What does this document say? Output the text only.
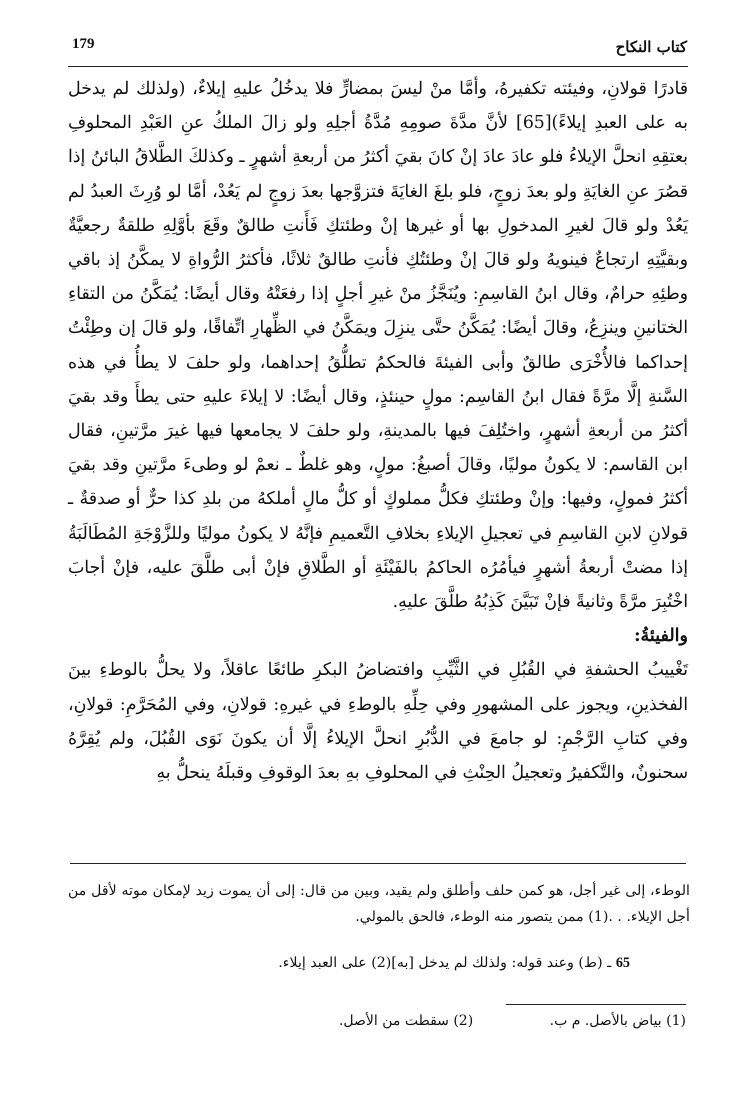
179	كتاب النكاح

قادرًا قولانِ، وفيئته تكفيرهُ، وأمَّا منْ ليسَ بمضارٍّ فلا يدخُلُ عليهِ إيلاءٌ، (ولذلك لم يدخل به على العبدِ إيلاءً)[65] لأنَّ مدَّةَ صومِهِ مُدَّةُ أجلِهِ ولو زالَ الملكُ عنِ العَبْدِ المحلوفِ بعتقِهِ انحلَّ الإيلاءُ فلو عادَ عادَ إنْ كانَ بقيَ أكثرُ من أربعةِ أشهرٍ ـ وكذلكَ الطَّلاقُ البائنُ إذا قصُرَ عنِ الغايَةِ ولو بعدَ زوجٍ، فلو بلغَ الغايَةَ فتزوَّجها بعدَ زوجٍ لم يَعُدْ، أمَّا لو وُرِثَ العبدُ لم يَعُدْ ولو قالَ لغيرِ المدخولِ بها أو غيرها إنْ وطئتكِ فَأَنتِ طالقٌ وقَعَ بأوَّلِهِ طلقةٌ رجعيَّةٌ وبقيَّتِهِ ارتجاعٌ فينويهُ ولو قالَ إنْ وطئتُكِ فأنتِ طالقٌ ثلاثًا، فأكثرُ الرُّواةِ لا يمكَّنُ إذ باقي وطئِهِ حرامٌ، وقال ابنُ القاسِمِ: ويُنَجَّزُ منْ غيرِ أجلٍ إذا رفعَتْهُ وقال أيضًا: يُمَكَّنُ من التقاءِ الختانينِ وينزِعُ، وقالَ أيضًا: يُمَكَّنُ حتَّى ينزِلَ ويمَكَّنُ في الظِّهارِ اتِّفاقًا، ولو قالَ إن وطِئْتُ إحداكما فالأُخْرَى طالقٌ وأبى الفيئةَ فالحكمُ تطلُّقُ إحداهما، ولو حلفَ لا يطأُ في هذه السَّنةِ إلَّا مرَّةً فقال ابنُ القاسِم: مولٍ حينئذٍ، وقال أيضًا: لا إيلاءَ عليهِ حتى يطأَ وقد بقيَ أكثرُ من أربعةِ أشهرٍ، واختُلِفَ فيها بالمدينةِ، ولو حلفَ لا يجامعها فيها غيرَ مرَّتينِ، فقال ابن القاسم: لا يكونُ موليًا، وقالَ أصبغُ: مولٍ، وهو غلطٌ ـ نعمْ لو وطىءَ مرَّتينِ وقد بقيَ أكثرُ فمولٍ، وفيها: وإنْ وطئتكِ فكلُّ مملوكٍ أو كلُّ مالٍ أملكهُ من بلدِ كذا حرٌّ أو صدقةٌ ـ قولانِ لابنِ القاسِمِ في تعجيلِ الإيلاءِ بخلافِ التَّعميمِ فإنَّهُ لا يكونُ موليًا وللزَّوْجَةِ المُطَالَبَةُ إذا مضتْ أربعةُ أشهرٍ فيأمُرُه الحاكمُ بالفَيْئَةِ أو الطَّلاقِ فإنْ أبى طلَّقَ عليه، فإنْ أجابَ اخْتُبِرَ مرَّةً وثانيةً فإنْ تَبَيَّنَ كَذِبُهُ طلَّقَ عليهِ.

والفيئةُ:

تَغْييبُ الحشفةِ في القُبُلِ في الثَّيِّبِ وافتضاضُ البكرِ طائعًا عاقلاً، ولا يحلُّ بالوطءِ بينَ الفخذينِ، ويجوز على المشهورِ وفي حِلِّهِ بالوطءِ في غيرهِ: قولانِ، وفي المُحَرَّمِ: قولانِ، وفي كتابِ الرَّجْمِ: لو جامعَ في الدُّبُرِ انحلَّ الإيلاءُ إلَّا أن يكونَ نَوَى القُبُلَ، ولم يُقِرَّهُ سحنونٌ، والتَّكفيرُ وتعجيلُ الحِنْثِ في المحلوفِ بهِ بعدَ الوقوفِ وقبلَهُ ينحلُّ بهِ

الوطء، إلى غير أجل، هو كمن حلف وأطلق ولم يقيد، وبين من قال: إلى أن يموت زيد لإمكان موته لأقل من أجل الإيلاء. . .(1) ممن يتصور منه الوطء، فالحق بالمولي.

65 ـ (ط) وعند قوله: ولذلك لم يدخل [به](2) على العبد إيلاء.

(1) بياض بالأصل. م ب. (2) سقطت من الأصل.
